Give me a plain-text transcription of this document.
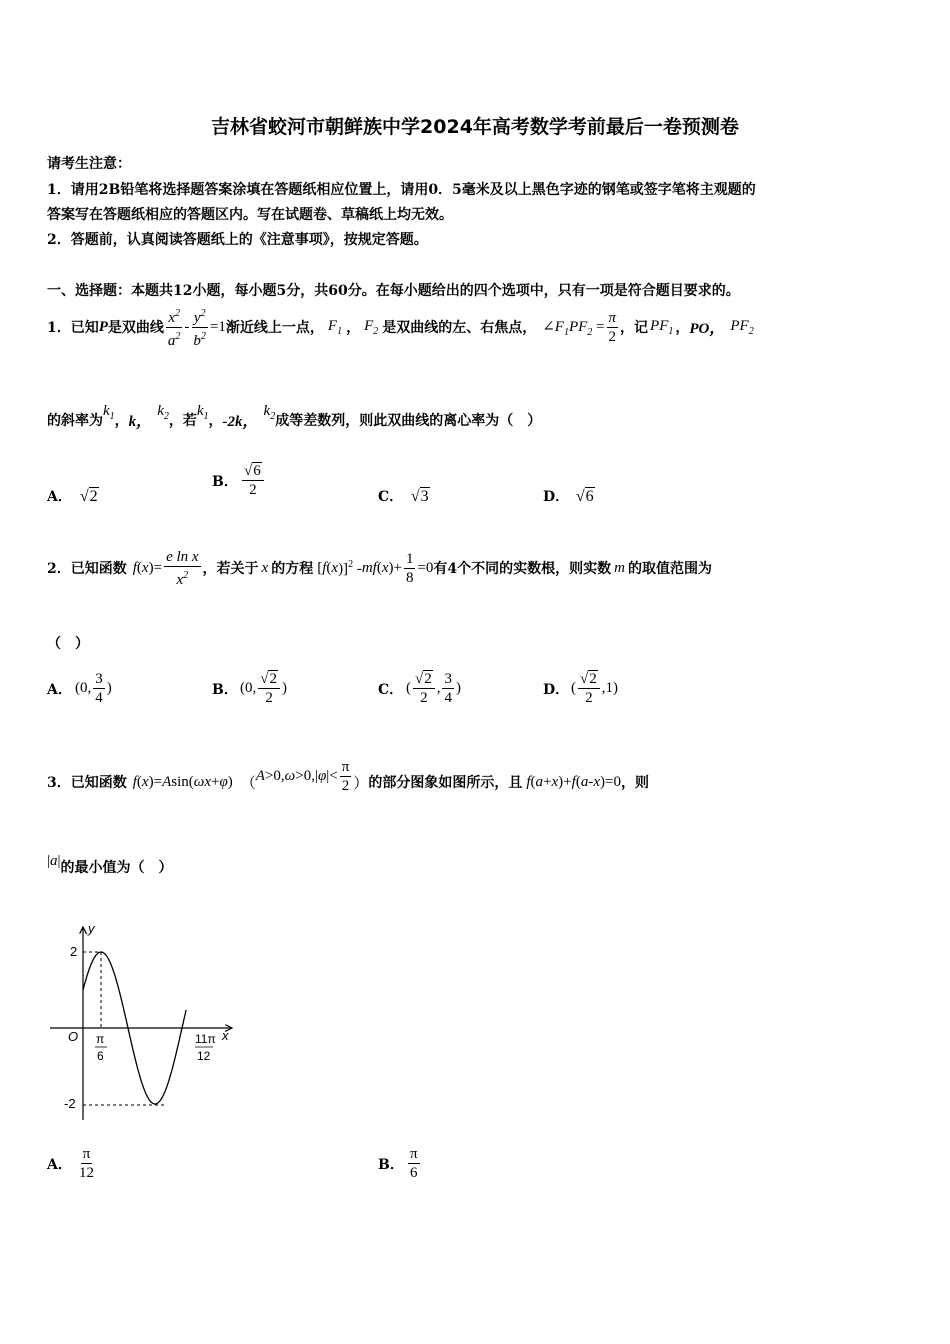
吉林省蛟河市朝鲜族中学2024年高考数学考前最后一卷预测卷
请考生注意：
1．请用2B铅笔将选择题答案涂填在答题纸相应位置上，请用0．5毫米及以上黑色字迹的钢笔或签字笔将主观题的
答案写在答题纸相应的答题区内。写在试题卷、草稿纸上均无效。
2．答题前，认真阅读答题纸上的《注意事项》，按规定答题。
一、选择题：本题共12小题，每小题5分，共60分。在每小题给出的四个选项中，只有一项是符合题目要求的。
1．已知 P 是双曲线 $\frac{x^2}{a^2} - \frac{y^2}{b^2} =1$ 渐近线上一点， $F_1$ ， $F_2$ 是双曲线的左、右焦点， $\angle F_1PF_2 = \frac{\pi}{2}$ ，记 $PF_1$ ， PO， $PF_2$
的斜率为
$k_1$ ， k，
$k_2$ ，若
$k_1$ ， -2k，
$k_2$ 成等差数列，则此双曲线的离心率为（　）
A． √2
B． $\frac{√6}{2}$	C． √3	D． √6
2．已知函数 f ( x )= $\frac{\text{e ln x}}{x^2}$ ，若关于 x 的方程 [ f ( x )]$^2$ - mf ( x )+ $\frac{1}{8} =0$ 有4个不同的实数根，则实数 m 的取值范围为
（　）
A． (0, $\frac{3}{4}$ )	B． (0, $\frac{√2}{2}$ )	C． ( $\frac{√2}{2}$ , $\frac{3}{4}$ )	D． ( $\frac{√2}{2} ,1$)
3．已知函数 f ( x )= A sin( ωx + φ ) （ A >0, ω >0,| φ |< $\frac{\pi}{2}$ ） 的部分图象如图所示，且 f ( a + x )+ f ( a - x )=0 ，则
| a | 的最小值为（　）
y
x
O
2
-2
π
6
11π
12
A． $\frac{\pi}{12}$	B． $\frac{\pi}{6}$
